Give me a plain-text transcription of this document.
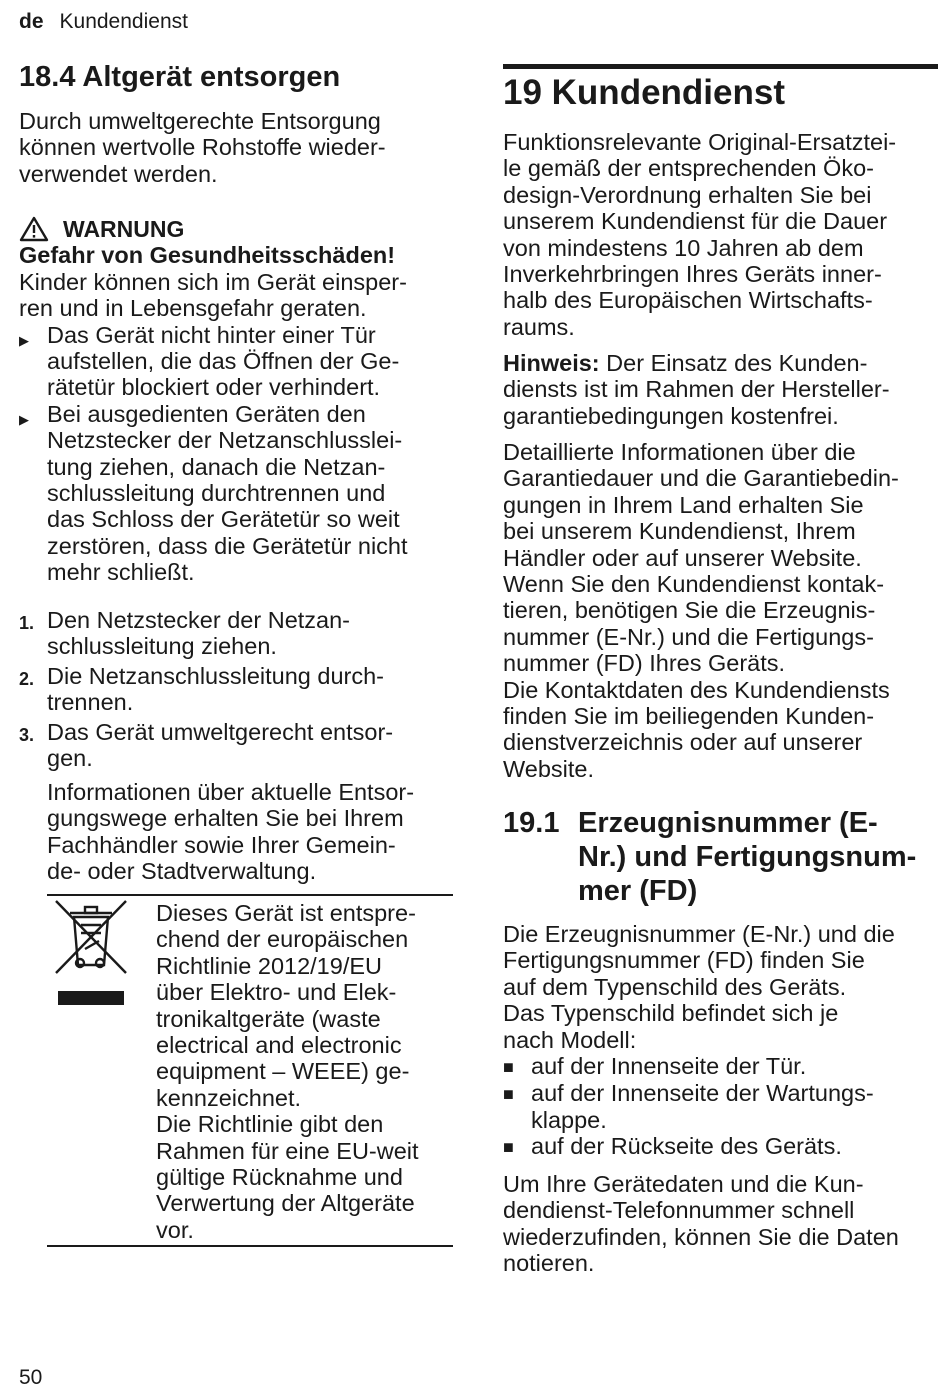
de Kundendienst
18.4 Altgerät entsorgen

Durch umweltgerechte Entsorgung

können wertvolle Rohstoffe wieder-

verwendet werden.

WARNUNG

Gefahr von Gesundheitsschäden!

Kinder können sich im Gerät einsper-

ren und in Lebensgefahr geraten.

▶ Das Gerät nicht hinter einer Tür

aufstellen, die das Öffnen der Ge-

rätetür blockiert oder verhindert.

▶ Bei ausgedienten Geräten den

Netzstecker der Netzanschlusslei-

tung ziehen, danach die Netzan-

schlussleitung durchtrennen und

das Schloss der Gerätetür so weit

zerstören, dass die Gerätetür nicht

mehr schließt.

1. Den Netzstecker der Netzan-

schlussleitung ziehen.

2. Die Netzanschlussleitung durch-

trennen.

3. Das Gerät umweltgerecht entsor-

gen.

Informationen über aktuelle Entsor-

gungswege erhalten Sie bei Ihrem

Fachhändler sowie Ihrer Gemein-

de- oder Stadtverwaltung.

Dieses Gerät ist entspre-

chend der europäischen

Richtlinie 2012/19/EU

über Elektro- und Elek-

tronikaltgeräte (waste

electrical and electronic

equipment – WEEE) ge-

kennzeichnet.

Die Richtlinie gibt den

Rahmen für eine EU-weit

gültige Rücknahme und

Verwertung der Altgeräte

vor.

19 Kundendienst

Funktionsrelevante Original-Ersatztei-

le gemäß der entsprechenden Öko-

design-Verordnung erhalten Sie bei

unserem Kundendienst für die Dauer

von mindestens 10 Jahren ab dem

Inverkehrbringen Ihres Geräts inner-

halb des Europäischen Wirtschafts-

raums.

Hinweis: Der Einsatz des Kunden-

diensts ist im Rahmen der Hersteller-

garantiebedingungen kostenfrei.

Detaillierte Informationen über die

Garantiedauer und die Garantiebedin-

gungen in Ihrem Land erhalten Sie

bei unserem Kundendienst, Ihrem

Händler oder auf unserer Website.

Wenn Sie den Kundendienst kontak-

tieren, benötigen Sie die Erzeugnis-

nummer (E-Nr.) und die Fertigungs-

nummer (FD) Ihres Geräts.

Die Kontaktdaten des Kundendiensts

finden Sie im beiliegenden Kunden-

dienstverzeichnis oder auf unserer

Website.

19.1 Erzeugnisnummer (E-
Nr.) und Fertigungsnum-
mer (FD)

Die Erzeugnisnummer (E-Nr.) und die

Fertigungsnummer (FD) finden Sie

auf dem Typenschild des Geräts.

Das Typenschild befindet sich je

nach Modell:

■ auf der Innenseite der Tür.

■ auf der Innenseite der Wartungs-

klappe.

■ auf der Rückseite des Geräts.

Um Ihre Gerätedaten und die Kun-

dendienst-Telefonnummer schnell

wiederzufinden, können Sie die Daten

notieren.

50
